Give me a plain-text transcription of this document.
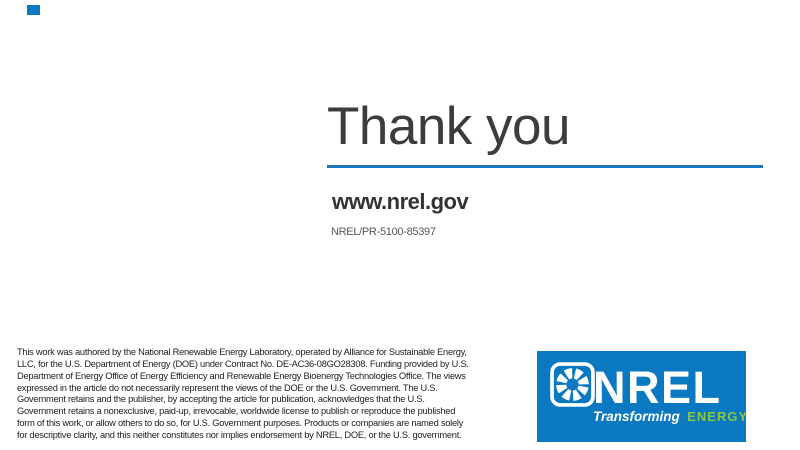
Thank you
www.nrel.gov
NREL/PR-5100-85397
This work was authored by the National Renewable Energy Laboratory, operated by Alliance for Sustainable Energy,
LLC, for the U.S. Department of Energy (DOE) under Contract No. DE-AC36-08GO28308. Funding provided by U.S.
Department of Energy Office of Energy Efficiency and Renewable Energy Bioenergy Technologies Office. The views
expressed in the article do not necessarily represent the views of the DOE or the U.S. Government. The U.S.
Government retains and the publisher, by accepting the article for publication, acknowledges that the U.S.
Government retains a nonexclusive, paid-up, irrevocable, worldwide license to publish or reproduce the published
form of this work, or allow others to do so, for U.S. Government purposes. Products or companies are named solely
for descriptive clarity, and this neither constitutes nor implies endorsement by NREL, DOE, or the U.S. government.
NREL
Transforming ENERGY
